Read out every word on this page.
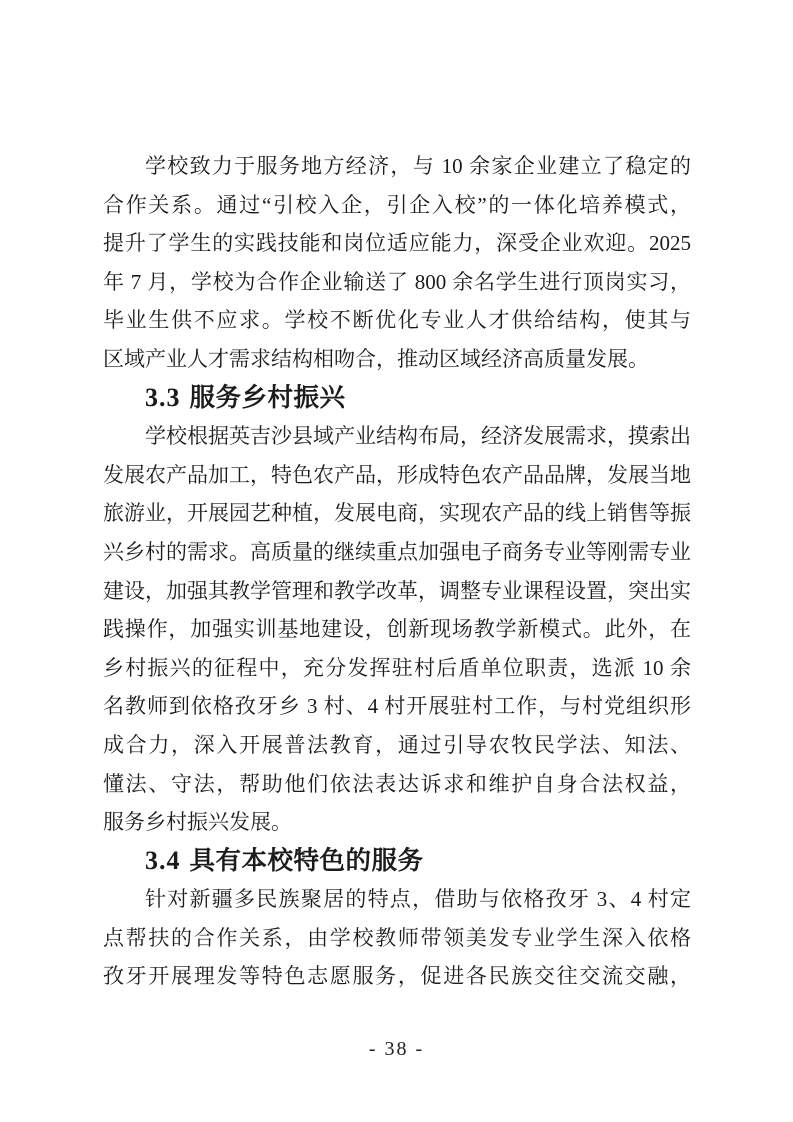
学校致力于服务地方经济，与 10 余家企业建立了稳定的
合作关系。通过“引校入企，引企入校”的一体化培养模式，
提升了学生的实践技能和岗位适应能力，深受企业欢迎。2025
年 7 月，学校为合作企业输送了 800 余名学生进行顶岗实习，
毕业生供不应求。学校不断优化专业人才供给结构，使其与
区域产业人才需求结构相吻合，推动区域经济高质量发展。
3.3 服务乡村振兴
学校根据英吉沙县域产业结构布局，经济发展需求，摸索出
发展农产品加工，特色农产品，形成特色农产品品牌，发展当地
旅游业，开展园艺种植，发展电商，实现农产品的线上销售等振
兴乡村的需求。高质量的继续重点加强电子商务专业等刚需专业
建设，加强其教学管理和教学改革，调整专业课程设置，突出实
践操作，加强实训基地建设，创新现场教学新模式。此外，在
乡村振兴的征程中，充分发挥驻村后盾单位职责，选派 10 余
名教师到依格孜牙乡 3 村、4 村开展驻村工作，与村党组织形
成合力，深入开展普法教育，通过引导农牧民学法、知法、
懂法、守法，帮助他们依法表达诉求和维护自身合法权益，
服务乡村振兴发展。
3.4 具有本校特色的服务
针对新疆多民族聚居的特点，借助与依格孜牙 3、4 村定
点帮扶的合作关系，由学校教师带领美发专业学生深入依格
孜牙开展理发等特色志愿服务，促进各民族交往交流交融，
- 38 -
